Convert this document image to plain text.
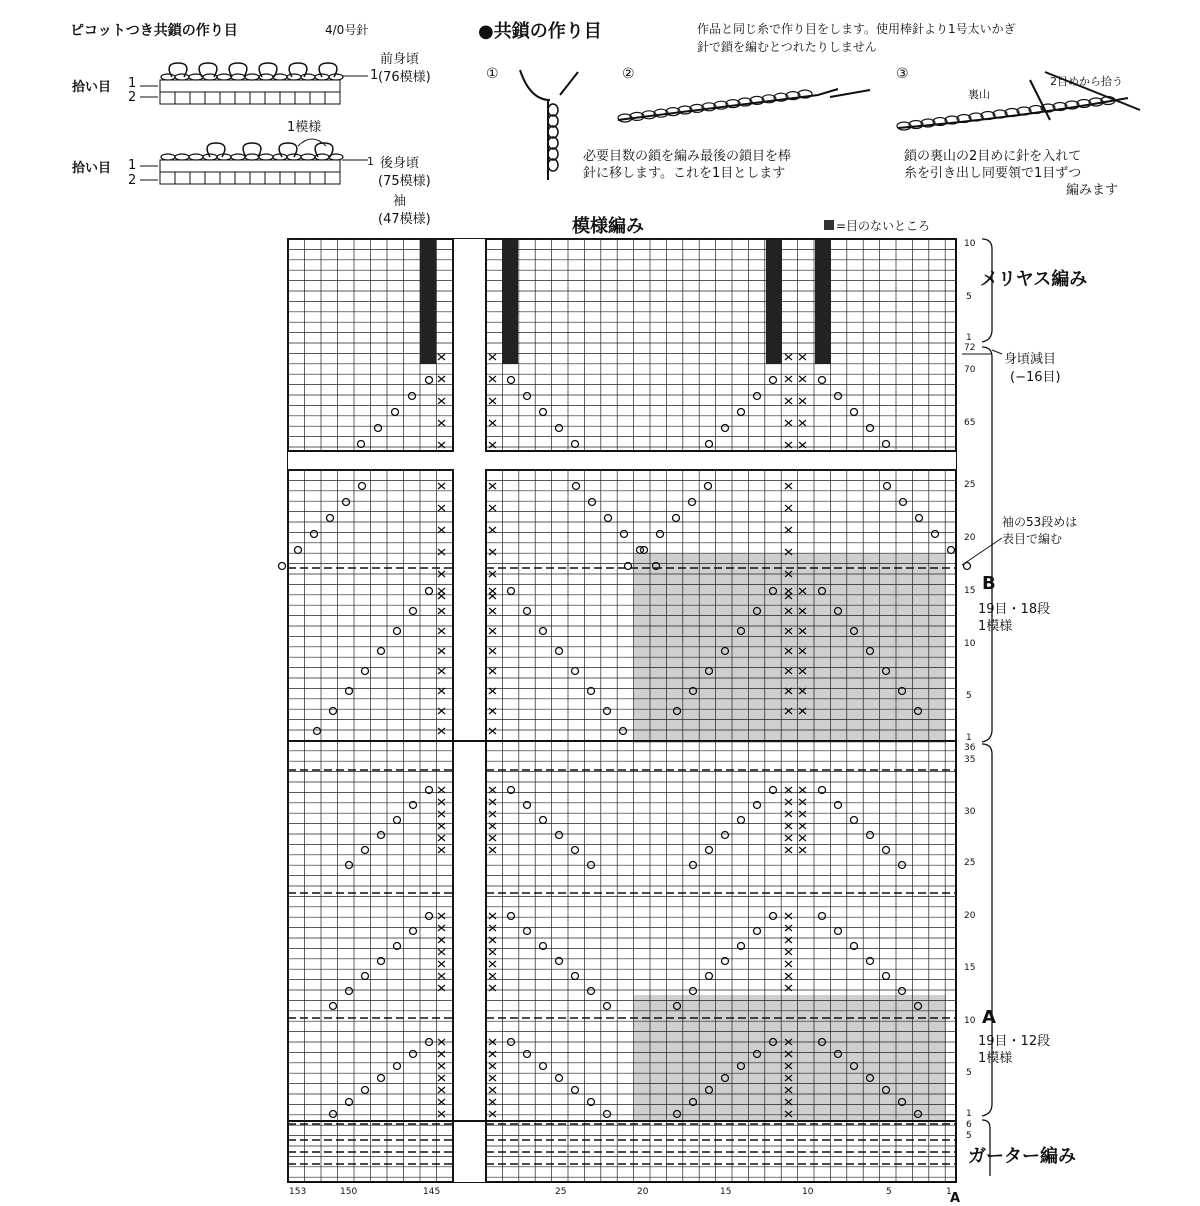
ピコットつき共鎖の作り目	4/0号針
前身頃
(76模様)
1
拾い目 1
2
1模様
1 後身頃
(75模様)
袖
(47模様)
拾い目 1
2
●共鎖の作り目	作品と同じ糸で作り目をします。使用棒針より1号太いかぎ
針で鎖を編むとつれたりしません
①	②	③	2目めから拾う
裏山
必要目数の鎖を編み最後の鎖目を棒
針に移します。これを1目とします
鎖の裏山の2目めに針を入れて
糸を引き出し同要領で1目ずつ
編みます
模様編み	=目のないところ
メリヤス編み
身頃減目
(−16目)
袖の53段めは
表目で編む
B
19目・18段
1模様
A
19目・12段
1模様
ガーター編み
10
5
1
72
70
65
25
20
15
10
5
1
36
35
30
25
20
15
10
5
1
6
5
153	150	145	25	20	15	10	5	1
A
